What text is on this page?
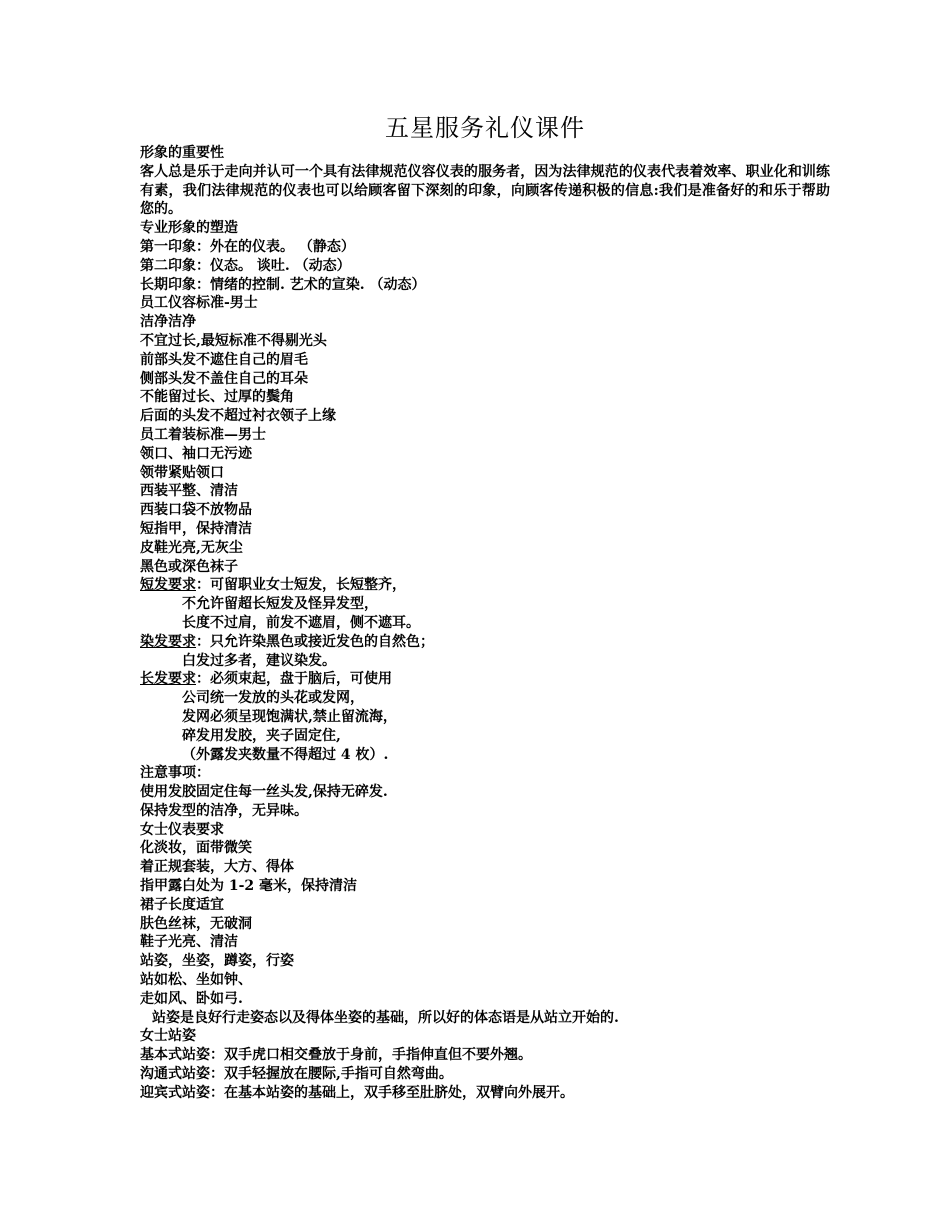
五星服务礼仪课件
形象的重要性
客人总是乐于走向并认可一个具有法律规范仪容仪表的服务者，因为法律规范的仪表代表着效率、职业化和训练有素，我们法律规范的仪表也可以给顾客留下深刻的印象，向顾客传递积极的信息:我们是准备好的和乐于帮助您的。
专业形象的塑造
第一印象：外在的仪表。 （静态）
第二印象：仪态。 谈吐. （动态）
长期印象：情绪的控制. 艺术的宣染. （动态）
员工仪容标准-男士
洁净洁净
不宜过长,最短标准不得剔光头
前部头发不遮住自己的眉毛
侧部头发不盖住自己的耳朵
不能留过长、过厚的鬓角
后面的头发不超过衬衣领子上缘
员工着装标准—男士
领口、袖口无污迹
领带紧贴领口
西装平整、清洁
西装口袋不放物品
短指甲，保持清洁
皮鞋光亮,无灰尘
黑色或深色袜子
短发要求：可留职业女士短发，长短整齐，
不允许留超长短发及怪异发型，
长度不过肩，前发不遮眉，侧不遮耳。
染发要求：只允许染黑色或接近发色的自然色；
白发过多者，建议染发。
长发要求：必须束起，盘于脑后，可使用
公司统一发放的头花或发网，
发网必须呈现饱满状,禁止留流海，
碎发用发胶，夹子固定住,
（外露发夹数量不得超过 4 枚）.
注意事项：
使用发胶固定住每一丝头发,保持无碎发.
保持发型的洁净，无异味。
女士仪表要求
化淡妆，面带微笑
着正规套装，大方、得体
指甲露白处为 1-2 毫米，保持清洁
裙子长度适宜
肤色丝袜，无破洞
鞋子光亮、清洁
站姿，坐姿，蹲姿，行姿
站如松、坐如钟、
走如风、卧如弓.
站姿是良好行走姿态以及得体坐姿的基础，所以好的体态语是从站立开始的.
女士站姿
基本式站姿：双手虎口相交叠放于身前，手指伸直但不要外翘。
沟通式站姿：双手轻握放在腰际,手指可自然弯曲。
迎宾式站姿：在基本站姿的基础上，双手移至肚脐处，双臂向外展开。
